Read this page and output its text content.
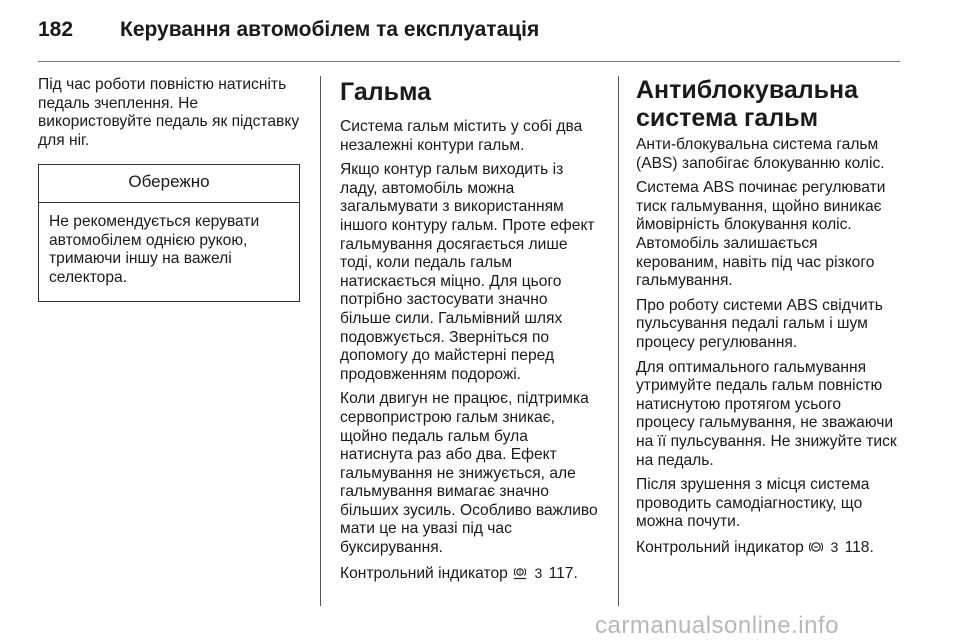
182 Керування автомобілем та експлуатація

Під час роботи повністю натисніть педаль зчеплення. Не використовуйте педаль як підставку для ніг.

Обережно
Не рекомендується керувати автомобілем однією рукою, тримаючи іншу на важелі селектора.
Гальма

Система гальм містить у собі два незалежні контури гальм.

Якщо контур гальм виходить із ладу, автомобіль можна загальмувати з використанням іншого контуру гальм. Проте ефект гальмування досягається лише тоді, коли педаль гальм натискається міцно. Для цього потрібно застосувати значно більше сили. Гальмівний шлях подовжується. Зверніться по допомогу до майстерні перед продовженням подорожі.

Коли двигун не працює, підтримка сервопристрою гальм зникає, щойно педаль гальм була натиснута раз або два. Ефект гальмування не знижується, але гальмування вимагає значно більших зусиль. Особливо важливо мати це на увазі під час буксирування.

Контрольний індикатор 3 117.

Антиблокувальна
система гальм

Анти-блокувальна система гальм (ABS) запобігає блокуванню коліс.

Система ABS починає регулювати тиск гальмування, щойно виникає ймовірність блокування коліс. Автомобіль залишається керованим, навіть під час різкого гальмування.

Про роботу системи ABS свідчить пульсування педалі гальм і шум процесу регулювання.

Для оптимального гальмування утримуйте педаль гальм повністю натиснутою протягом усього процесу гальмування, не зважаючи на її пульсування. Не знижуйте тиск на педаль.

Після зрушення з місця система проводить самодіагностику, що можна почути.

Контрольний індикатор 3 118.

carmanualsonline.info
